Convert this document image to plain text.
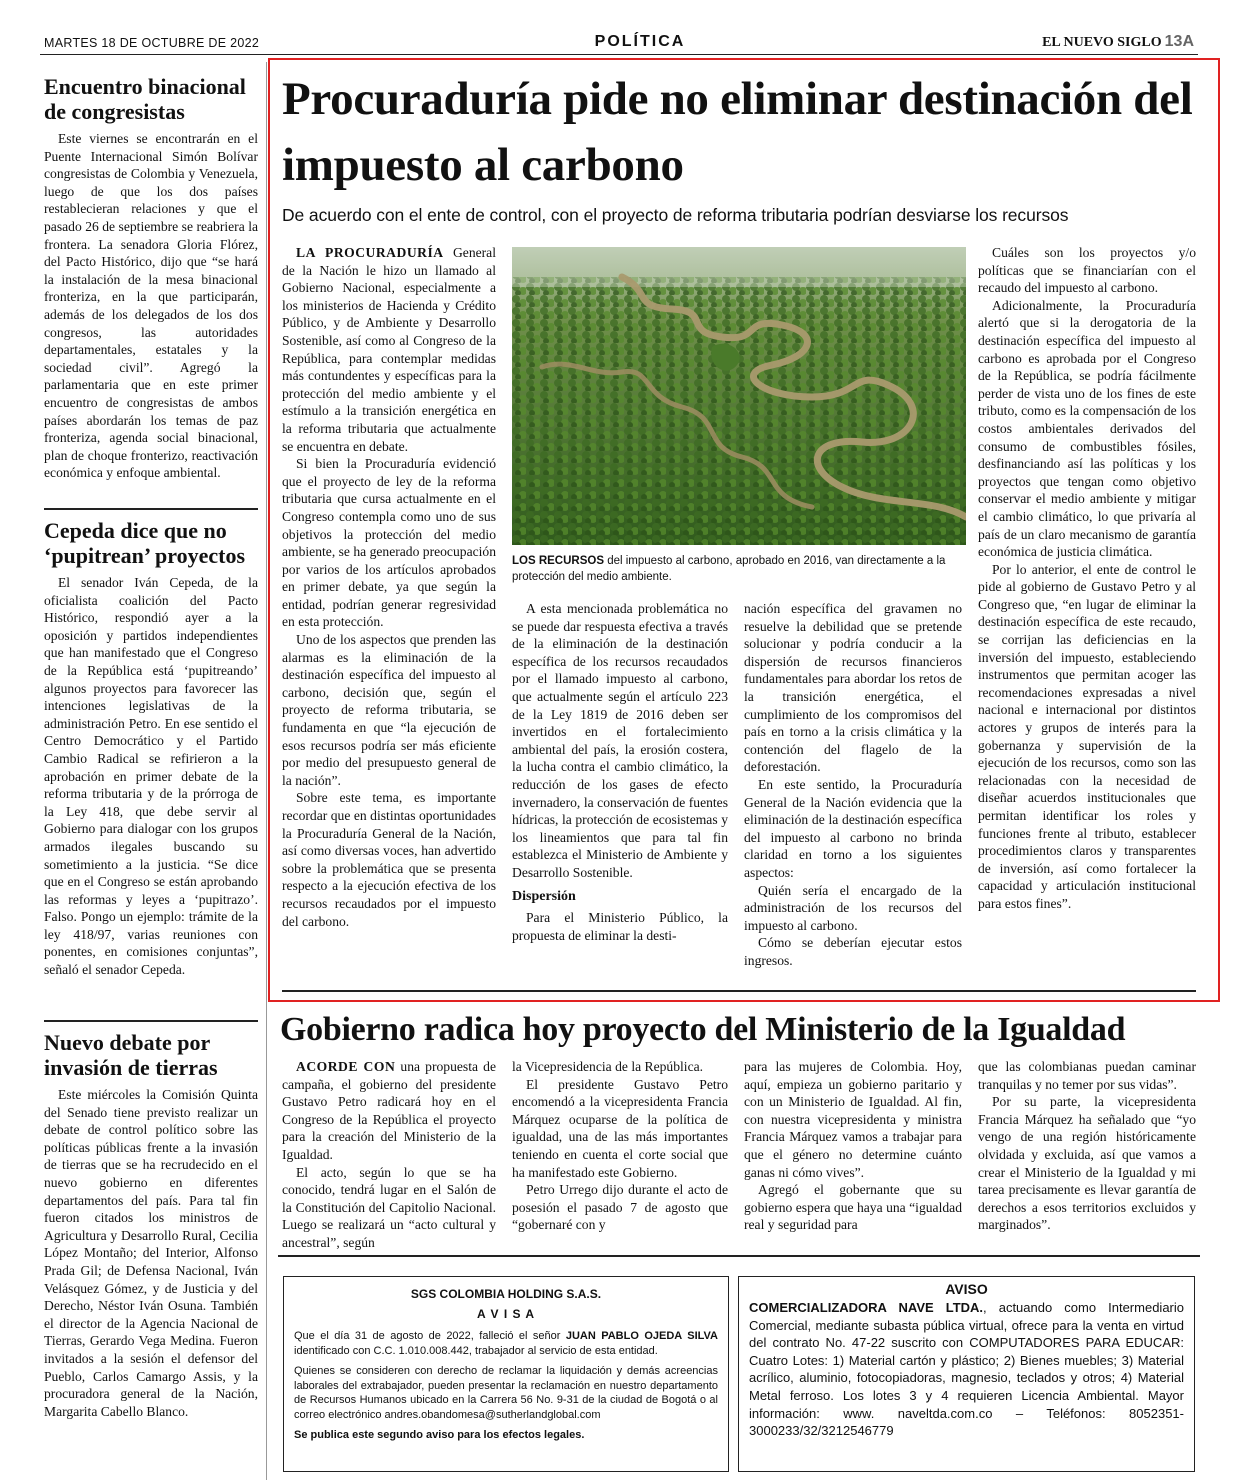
MARTES 18 DE OCTUBRE DE 2022	POLÍTICA	EL NUEVO SIGLO 13A
Encuentro binacional de congresistas
Este viernes se encontrarán en el Puente Internacional Simón Bolívar congresistas de Colombia y Venezuela, luego de que los dos países restablecieran relaciones y que el pasado 26 de septiembre se reabriera la frontera. La senadora Gloria Flórez, del Pacto Histórico, dijo que “se hará la instalación de la mesa binacional fronteriza, en la que participarán, además de los delegados de los dos congresos, las autoridades departamentales, estatales y la sociedad civil”. Agregó la parlamentaria que en este primer encuentro de congresistas de ambos países abordarán los temas de paz fronteriza, agenda social binacional, plan de choque fronterizo, reactivación económica y enfoque ambiental.
Cepeda dice que no ‘pupitrean’ proyectos
El senador Iván Cepeda, de la oficialista coalición del Pacto Histórico, respondió ayer a la oposición y partidos independientes que han manifestado que el Congreso de la República está ‘pupitreando’ algunos proyectos para favorecer las intenciones legislativas de la administración Petro. En ese sentido el Centro Democrático y el Partido Cambio Radical se refirieron a la aprobación en primer debate de la reforma tributaria y de la prórroga de la Ley 418, que debe servir al Gobierno para dialogar con los grupos armados ilegales buscando su sometimiento a la justicia. “Se dice que en el Congreso se están aprobando las reformas y leyes a ‘pupitrazo’. Falso. Pongo un ejemplo: trámite de la ley 418/97, varias reuniones con ponentes, en comisiones conjuntas”, señaló el senador Cepeda.
Nuevo debate por invasión de tierras
Este miércoles la Comisión Quinta del Senado tiene previsto realizar un debate de control político sobre las políticas públicas frente a la invasión de tierras que se ha recrudecido en el nuevo gobierno en diferentes departamentos del país. Para tal fin fueron citados los ministros de Agricultura y Desarrollo Rural, Cecilia López Montaño; del Interior, Alfonso Prada Gil; de Defensa Nacional, Iván Velásquez Gómez, y de Justicia y del Derecho, Néstor Iván Osuna. También el director de la Agencia Nacional de Tierras, Gerardo Vega Medina. Fueron invitados a la sesión el defensor del Pueblo, Carlos Camargo Assis, y la procuradora general de la Nación, Margarita Cabello Blanco.
Procuraduría pide no eliminar destinación del impuesto al carbono
De acuerdo con el ente de control, con el proyecto de reforma tributaria podrían desviarse los recursos

LA PROCURADURÍA General de la Nación le hizo un llamado al Gobierno Nacional, especialmente a los ministerios de Hacienda y Crédito Público, y de Ambiente y Desarrollo Sostenible, así como al Congreso de la República, para contemplar medidas más contundentes y específicas para la protección del medio ambiente y el estímulo a la transición energética en la reforma tributaria que actualmente se encuentra en debate.

Si bien la Procuraduría evidenció que el proyecto de ley de la reforma tributaria que cursa actualmente en el Congreso contempla como uno de sus objetivos la protección del medio ambiente, se ha generado preocupación por varios de los artículos aprobados en primer debate, ya que según la entidad, podrían generar regresividad en esta protección.

Uno de los aspectos que prenden las alarmas es la eliminación de la destinación específica del impuesto al carbono, decisión que, según el proyecto de reforma tributaria, se fundamenta en que “la ejecución de esos recursos podría ser más eficiente por medio del presupuesto general de la nación”.

Sobre este tema, es importante recordar que en distintas oportunidades la Procuraduría General de la Nación, así como diversas voces, han advertido sobre la problemática que se presenta respecto a la ejecución efectiva de los recursos recaudados por el impuesto del carbono.

LOS RECURSOS del impuesto al carbono, aprobado en 2016, van directamente a la protección del medio ambiente.

A esta mencionada problemática no se puede dar respuesta efectiva a través de la eliminación de la destinación específica de los recursos recaudados por el llamado impuesto al carbono, que actualmente según el artículo 223 de la Ley 1819 de 2016 deben ser invertidos en el fortalecimiento ambiental del país, la erosión costera, la lucha contra el cambio climático, la reducción de los gases de efecto invernadero, la conservación de fuentes hídricas, la protección de ecosistemas y los lineamientos que para tal fin establezca el Ministerio de Ambiente y Desarrollo Sostenible.

Dispersión

Para el Ministerio Público, la propuesta de eliminar la desti-

nación específica del gravamen no resuelve la debilidad que se pretende solucionar y podría conducir a la dispersión de recursos financieros fundamentales para abordar los retos de la transición energética, el cumplimiento de los compromisos del país en torno a la crisis climática y la contención del flagelo de la deforestación.

En este sentido, la Procuraduría General de la Nación evidencia que la eliminación de la destinación específica del impuesto al carbono no brinda claridad en torno a los siguientes aspectos:

Quién sería el encargado de la administración de los recursos del impuesto al carbono.

Cómo se deberían ejecutar estos ingresos.

Cuáles son los proyectos y/o políticas que se financiarían con el recaudo del impuesto al carbono.

Adicionalmente, la Procuraduría alertó que si la derogatoria de la destinación específica del impuesto al carbono es aprobada por el Congreso de la República, se podría fácilmente perder de vista uno de los fines de este tributo, como es la compensación de los costos ambientales derivados del consumo de combustibles fósiles, desfinanciando así las políticas y los proyectos que tengan como objetivo conservar el medio ambiente y mitigar el cambio climático, lo que privaría al país de un claro mecanismo de garantía económica de justicia climática.

Por lo anterior, el ente de control le pide al gobierno de Gustavo Petro y al Congreso que, “en lugar de eliminar la destinación específica de este recaudo, se corrijan las deficiencias en la inversión del impuesto, estableciendo instrumentos que permitan acoger las recomendaciones expresadas a nivel nacional e internacional por distintos actores y grupos de interés para la gobernanza y supervisión de la ejecución de los recursos, como son las relacionadas con la necesidad de diseñar acuerdos institucionales que permitan identificar los roles y funciones frente al tributo, establecer procedimientos claros y transparentes de inversión, así como fortalecer la capacidad y articulación institucional para estos fines”.

Gobierno radica hoy proyecto del Ministerio de la Igualdad

ACORDE CON una propuesta de campaña, el gobierno del presidente Gustavo Petro radicará hoy en el Congreso de la República el proyecto para la creación del Ministerio de la Igualdad.

El acto, según lo que se ha conocido, tendrá lugar en el Salón de la Constitución del Capitolio Nacional. Luego se realizará un “acto cultural y ancestral”, según

la Vicepresidencia de la República.

El presidente Gustavo Petro encomendó a la vicepresidenta Francia Márquez ocuparse de la política de igualdad, una de las más importantes teniendo en cuenta el corte social que ha manifestado este Gobierno.

Petro Urrego dijo durante el acto de posesión el pasado 7 de agosto que “gobernaré con y

para las mujeres de Colombia. Hoy, aquí, empieza un gobierno paritario y con un Ministerio de Igualdad. Al fin, con nuestra vicepresidenta y ministra Francia Márquez vamos a trabajar para que el género no determine cuánto ganas ni cómo vives”.

Agregó el gobernante que su gobierno espera que haya una “igualdad real y seguridad para

que las colombianas puedan caminar tranquilas y no temer por sus vidas”.

Por su parte, la vicepresidenta Francia Márquez ha señalado que “yo vengo de una región históricamente olvidada y excluida, así que vamos a crear el Ministerio de la Igualdad y mi tarea precisamente es llevar garantía de derechos a esos territorios excluidos y marginados”.

SGS COLOMBIA HOLDING S.A.S.
A V I S A
Que el día 31 de agosto de 2022, falleció el señor JUAN PABLO OJEDA SILVA identificado con C.C. 1.010.008.442, trabajador al servicio de esta entidad.
Quienes se consideren con derecho de reclamar la liquidación y demás acreencias laborales del extrabajador, pueden presentar la reclamación en nuestro departamento de Recursos Humanos ubicado en la Carrera 56 No. 9-31 de la ciudad de Bogotá o al correo electrónico andres.obandomesa@sutherlandglobal.com
Se publica este segundo aviso para los efectos legales.
AVISO
COMERCIALIZADORA NAVE LTDA., actuando como Intermediario Comercial, mediante subasta pública virtual, ofrece para la venta en virtud del contrato No. 47-22 suscrito con COMPUTADORES PARA EDUCAR: Cuatro Lotes: 1) Material cartón y plástico; 2) Bienes muebles; 3) Material acrílico, aluminio, fotocopiadoras, magnesio, teclados y otros; 4) Material Metal ferroso. Los lotes 3 y 4 requieren Licencia Ambiental. Mayor información: www. naveltda.com.co – Teléfonos: 8052351- 3000233/32/3212546779
